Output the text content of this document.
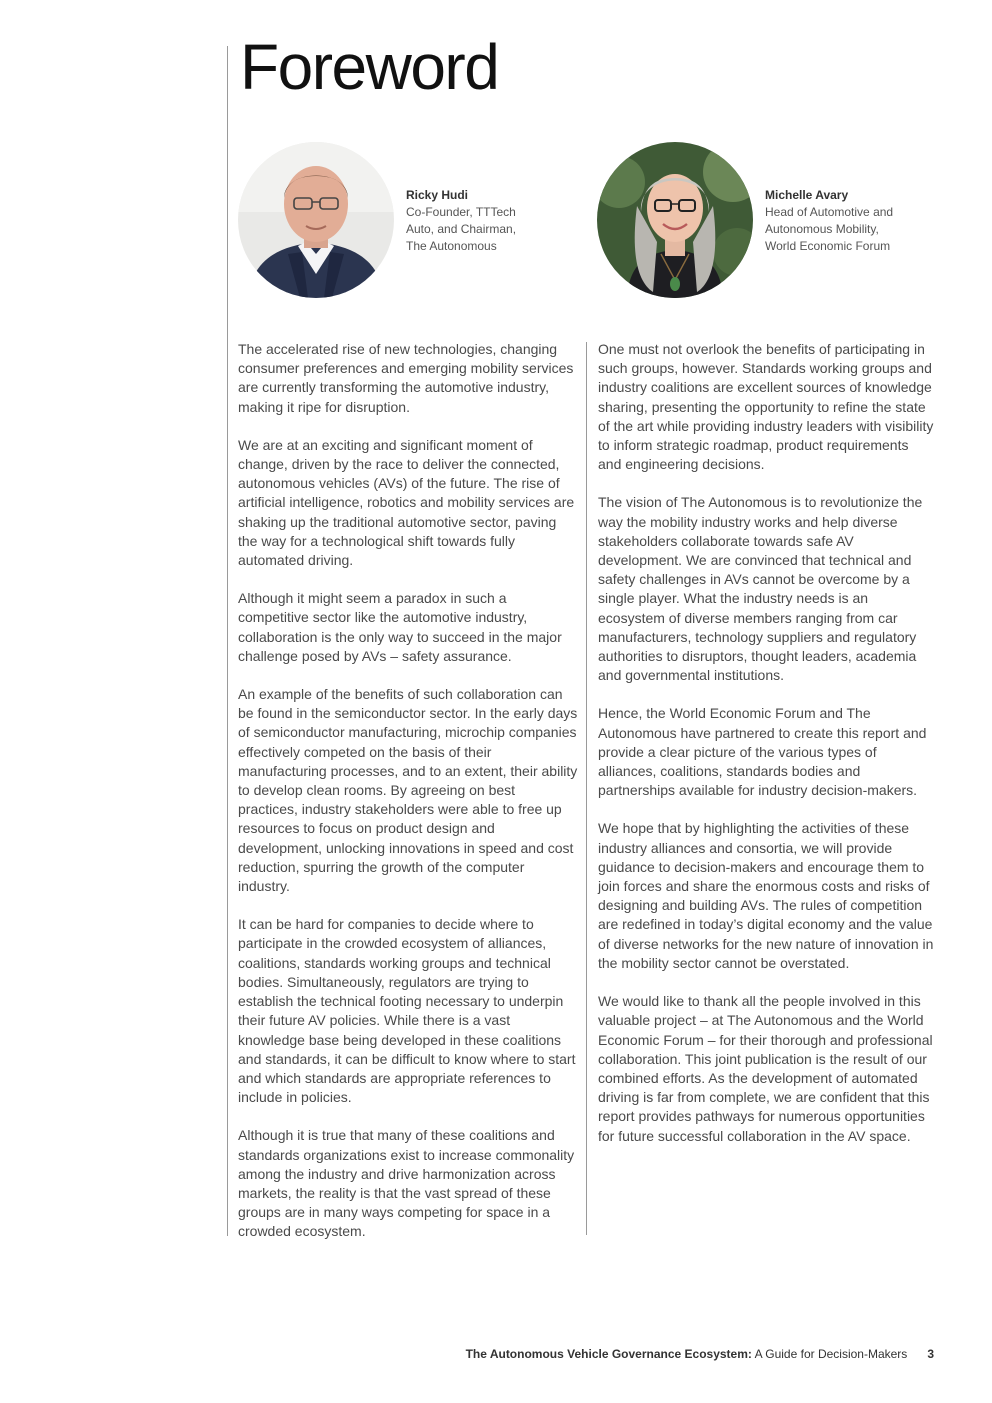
Foreword
Ricky Hudi
Co-Founder, TTTech
Auto, and Chairman,
The Autonomous
Michelle Avary
Head of Automotive and
Autonomous Mobility,
World Economic Forum

The accelerated rise of new technologies, changing consumer preferences and emerging mobility services are currently transforming the automotive industry, making it ripe for disruption.

We are at an exciting and significant moment of change, driven by the race to deliver the connected, autonomous vehicles (AVs) of the future. The rise of artificial intelligence, robotics and mobility services are shaking up the traditional automotive sector, paving the way for a technological shift towards fully automated driving.

Although it might seem a paradox in such a competitive sector like the automotive industry, collaboration is the only way to succeed in the major challenge posed by AVs – safety assurance.

An example of the benefits of such collaboration can be found in the semiconductor sector. In the early days of semiconductor manufacturing, microchip companies effectively competed on the basis of their manufacturing processes, and to an extent, their ability to develop clean rooms. By agreeing on best practices, industry stakeholders were able to free up resources to focus on product design and development, unlocking innovations in speed and cost reduction, spurring the growth of the computer industry.

It can be hard for companies to decide where to participate in the crowded ecosystem of alliances, coalitions, standards working groups and technical bodies. Simultaneously, regulators are trying to establish the technical footing necessary to underpin their future AV policies. While there is a vast knowledge base being developed in these coalitions and standards, it can be difficult to know where to start and which standards are appropriate references to include in policies.

Although it is true that many of these coalitions and standards organizations exist to increase commonality among the industry and drive harmonization across markets, the reality is that the vast spread of these groups are in many ways competing for space in a crowded ecosystem.

One must not overlook the benefits of participating in such groups, however. Standards working groups and industry coalitions are excellent sources of knowledge sharing, presenting the opportunity to refine the state of the art while providing industry leaders with visibility to inform strategic roadmap, product requirements and engineering decisions.

The vision of The Autonomous is to revolutionize the way the mobility industry works and help diverse stakeholders collaborate towards safe AV development. We are convinced that technical and safety challenges in AVs cannot be overcome by a single player. What the industry needs is an ecosystem of diverse members ranging from car manufacturers, technology suppliers and regulatory authorities to disruptors, thought leaders, academia and governmental institutions.

Hence, the World Economic Forum and The Autonomous have partnered to create this report and provide a clear picture of the various types of alliances, coalitions, standards bodies and partnerships available for industry decision-makers.

We hope that by highlighting the activities of these industry alliances and consortia, we will provide guidance to decision-makers and encourage them to join forces and share the enormous costs and risks of designing and building AVs. The rules of competition are redefined in today’s digital economy and the value of diverse networks for the new nature of innovation in the mobility sector cannot be overstated.

We would like to thank all the people involved in this valuable project – at The Autonomous and the World Economic Forum – for their thorough and professional collaboration. This joint publication is the result of our combined efforts. As the development of automated driving is far from complete, we are confident that this report provides pathways for numerous opportunities for future successful collaboration in the AV space.

The Autonomous Vehicle Governance Ecosystem: A Guide for Decision-Makers 3
